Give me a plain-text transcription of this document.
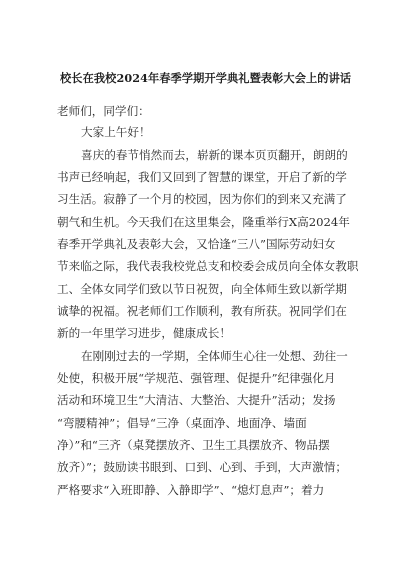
校长在我校2024年春季学期开学典礼暨表彰大会上的讲话
老师们，同学们：
大家上午好！
喜庆的春节悄然而去，崭新的课本页页翻开，朗朗的
书声已经响起，我们又回到了智慧的课堂，开启了新的学
习生活。寂静了一个月的校园，因为你们的到来又充满了
朝气和生机。今天我们在这里集会，隆重举行X高2024年
春季开学典礼及表彰大会，又恰逢“三八”国际劳动妇女
节来临之际，我代表我校党总支和校委会成员向全体女教职
工、全体女同学们致以节日祝贺，向全体师生致以新学期
诚挚的祝福。祝老师们工作顺利，教有所获。祝同学们在
新的一年里学习进步，健康成长！
在刚刚过去的一学期，全体师生心往一处想、劲往一
处使，积极开展“学规范、强管理、促提升”纪律强化月
活动和环境卫生“大清洁、大整治、大提升”活动；发扬
“弯腰精神”；倡导“三净（桌面净、地面净、墙面
净）”和“三齐（桌凳摆放齐、卫生工具摆放齐、物品摆
放齐）”；鼓励读书眼到、口到、心到、手到，大声激情；
严格要求“入班即静、入静即学”、“熄灯息声”；着力
